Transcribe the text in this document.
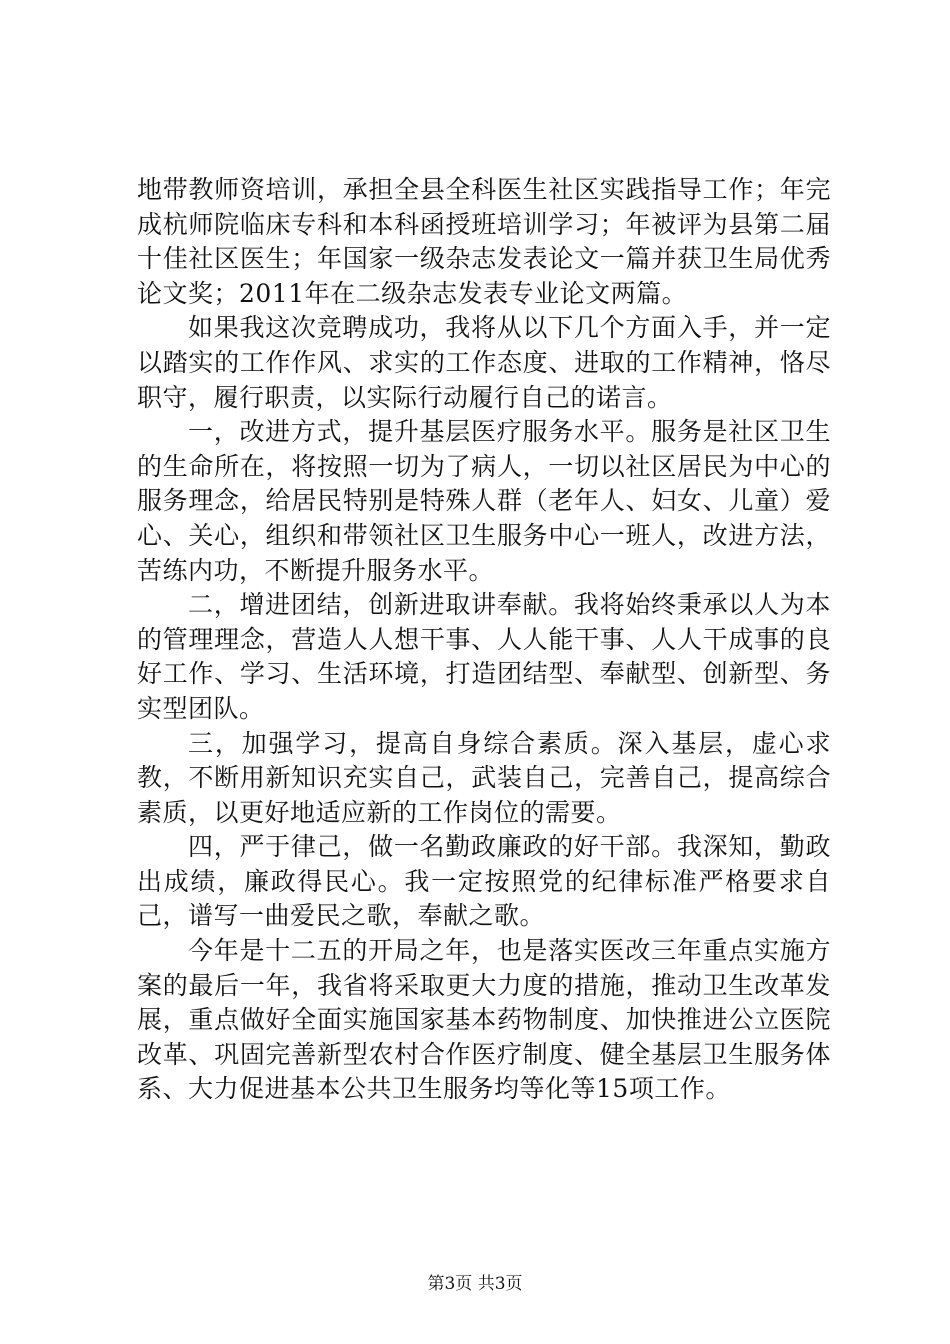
地带教师资培训，承担全县全科医生社区实践指导工作；年完成杭师院临床专科和本科函授班培训学习；年被评为县第二届十佳社区医生；年国家一级杂志发表论文一篇并获卫生局优秀论文奖；2011年在二级杂志发表专业论文两篇。

如果我这次竞聘成功，我将从以下几个方面入手，并一定以踏实的工作作风、求实的工作态度、进取的工作精神，恪尽职守，履行职责，以实际行动履行自己的诺言。

一，改进方式，提升基层医疗服务水平。服务是社区卫生的生命所在，将按照一切为了病人，一切以社区居民为中心的服务理念，给居民特别是特殊人群（老年人、妇女、儿童）爱心、关心，组织和带领社区卫生服务中心一班人，改进方法，苦练内功，不断提升服务水平。

二，增进团结，创新进取讲奉献。我将始终秉承以人为本的管理理念，营造人人想干事、人人能干事、人人干成事的良好工作、学习、生活环境，打造团结型、奉献型、创新型、务实型团队。

三，加强学习，提高自身综合素质。深入基层，虚心求教，不断用新知识充实自己，武装自己，完善自己，提高综合素质，以更好地适应新的工作岗位的需要。

四，严于律己，做一名勤政廉政的好干部。我深知，勤政出成绩，廉政得民心。我一定按照党的纪律标准严格要求自己，谱写一曲爱民之歌，奉献之歌。

今年是十二五的开局之年，也是落实医改三年重点实施方案的最后一年，我省将采取更大力度的措施，推动卫生改革发展，重点做好全面实施国家基本药物制度、加快推进公立医院改革、巩固完善新型农村合作医疗制度、健全基层卫生服务体系、大力促进基本公共卫生服务均等化等15项工作。

第3页 共3页
